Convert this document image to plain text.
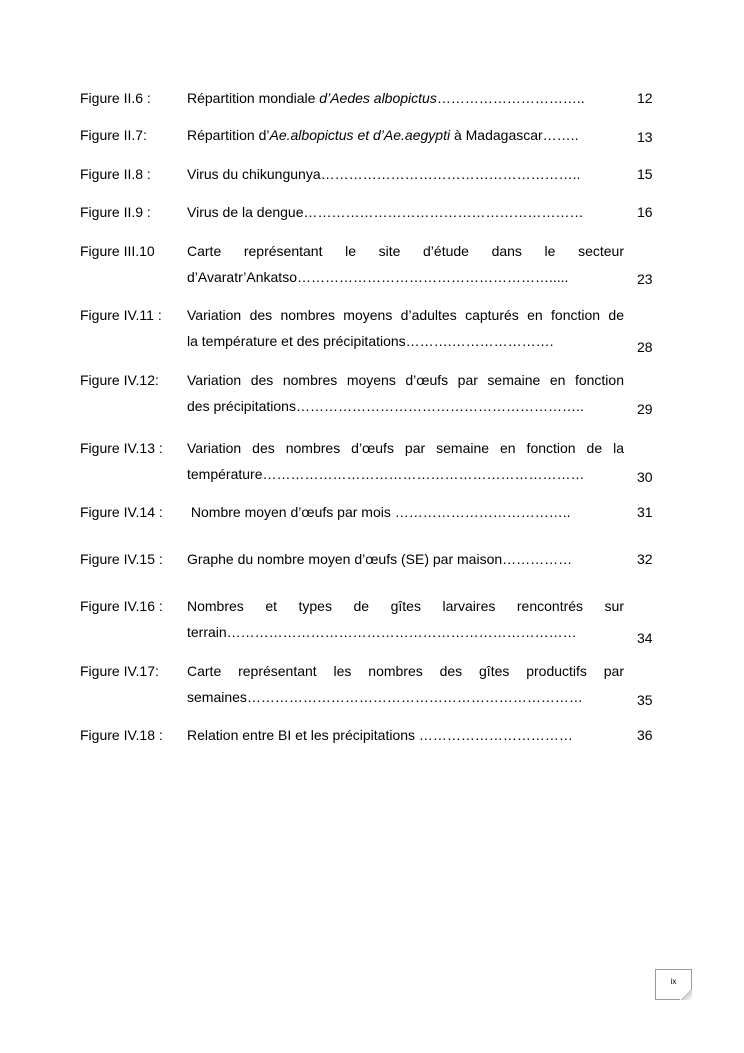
Figure II.6 :	Répartition mondiale d’Aedes albopictus…………………………..	12
Figure II.7:	Répartition d’Ae.albopictus et d’Ae.aegypti à Madagascar……..	13
Figure II.8 :	Virus du chikungunya………………………………………………..	15
Figure II.9 :	Virus de la dengue……………………………………………………	16
Figure III.10 Carte représentant le site d’étude dans le secteur
d’Avaratr’Ankatso……………………………………………….....	23
Figure IV.11 : Variation des nombres moyens d’adultes capturés en fonction de
la température et des précipitations……….………………….	28
Figure IV.12: Variation des nombres moyens d’œufs par semaine en fonction
des précipitations……………………………………………………..	29
Figure IV.13 : Variation des nombres d’œufs par semaine en fonction de la
température……………………………………………………………	30
Figure IV.14 : Nombre moyen d’œufs par mois ………………………………..	31
Figure IV.15 : Graphe du nombre moyen d’œufs (SE) par maison……………	32
Figure IV.16 : Nombres et types de gîtes larvaires rencontrés sur
terrain…………………………………………………………………	34
Figure IV.17: Carte représentant les nombres des gîtes productifs par
semaines………………………………………………………………	35
Figure IV.18 : Relation entre BI et les précipitations ……………………………	36
ix
